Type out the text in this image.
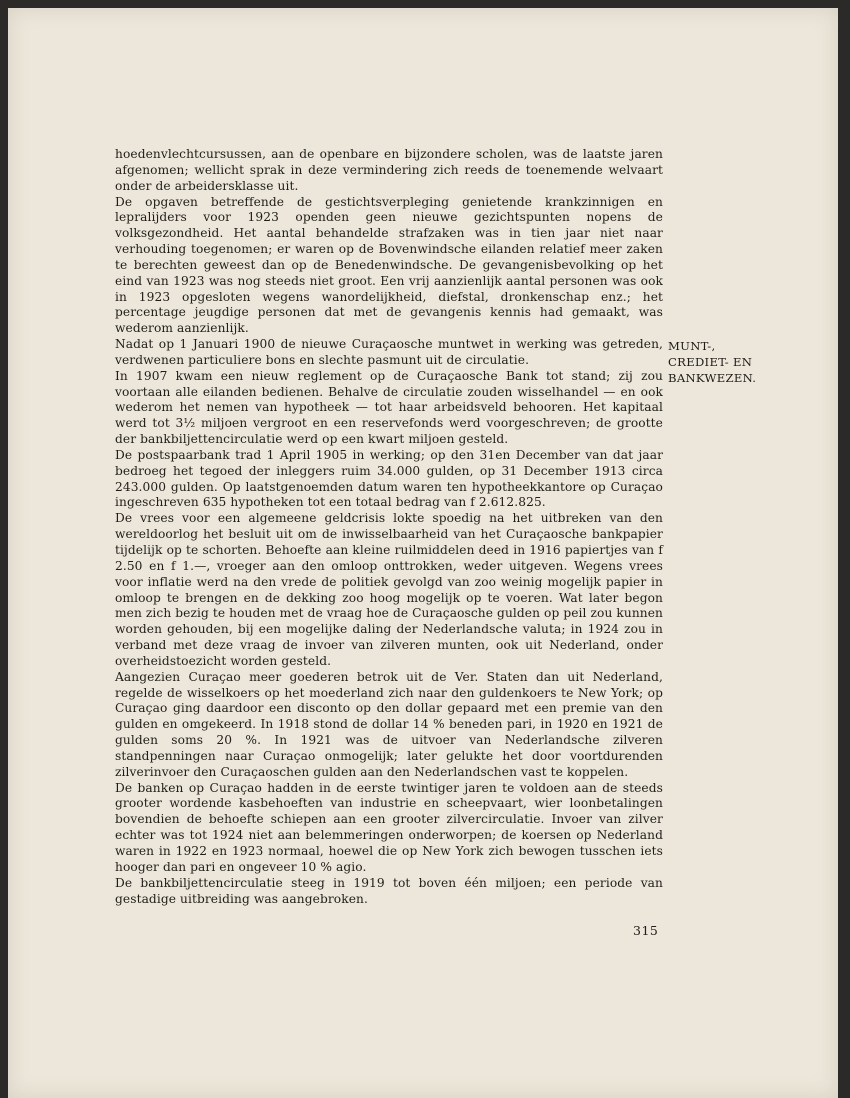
hoedenvlechtcursussen, aan de openbare en bijzondere scholen, was de laatste jaren afgenomen; wellicht sprak in deze vermindering zich reeds de toenemende welvaart onder de arbeidersklasse uit.

De opgaven betreffende de gestichtsverpleging genietende krankzinnigen en lepralijders voor 1923 openden geen nieuwe gezichtspunten nopens de volksgezondheid. Het aantal behandelde strafzaken was in tien jaar niet naar verhouding toegenomen; er waren op de Bovenwindsche eilanden relatief meer zaken te berechten geweest dan op de Benedenwindsche. De gevangenisbevolking op het eind van 1923 was nog steeds niet groot. Een vrij aanzienlijk aantal personen was ook in 1923 opgesloten wegens wanordelijkheid, diefstal, dronkenschap enz.; het percentage jeugdige personen dat met de gevangenis kennis had gemaakt, was wederom aanzienlijk.

Nadat op 1 Januari 1900 de nieuwe Curaçaosche muntwet in werking was getreden, verdwenen particuliere bons en slechte pasmunt uit de circulatie.

In 1907 kwam een nieuw reglement op de Curaçaosche Bank tot stand; zij zou voortaan alle eilanden bedienen. Behalve de circulatie zouden wisselhandel — en ook wederom het nemen van hypotheek — tot haar arbeidsveld behooren. Het kapitaal werd tot 3½ miljoen vergroot en een reservefonds werd voorgeschreven; de grootte der bankbiljettencirculatie werd op een kwart miljoen gesteld.

De postspaarbank trad 1 April 1905 in werking; op den 31en December van dat jaar bedroeg het tegoed der inleggers ruim 34.000 gulden, op 31 December 1913 circa 243.000 gulden. Op laatstgenoemden datum waren ten hypotheekkantore op Curaçao ingeschreven 635 hypotheken tot een totaal bedrag van f 2.612.825.

De vrees voor een algemeene geldcrisis lokte spoedig na het uitbreken van den wereldoorlog het besluit uit om de inwisselbaarheid van het Curaçaosche bankpapier tijdelijk op te schorten. Behoefte aan kleine ruilmiddelen deed in 1916 papiertjes van f 2.50 en f 1.—, vroeger aan den omloop onttrokken, weder uitgeven. Wegens vrees voor inflatie werd na den vrede de politiek gevolgd van zoo weinig mogelijk papier in omloop te brengen en de dekking zoo hoog mogelijk op te voeren. Wat later begon men zich bezig te houden met de vraag hoe de Curaçaosche gulden op peil zou kunnen worden gehouden, bij een mogelijke daling der Nederlandsche valuta; in 1924 zou in verband met deze vraag de invoer van zilveren munten, ook uit Nederland, onder overheidstoezicht worden gesteld.

Aangezien Curaçao meer goederen betrok uit de Ver. Staten dan uit Nederland, regelde de wisselkoers op het moederland zich naar den guldenkoers te New York; op Curaçao ging daardoor een disconto op den dollar gepaard met een premie van den gulden en omgekeerd. In 1918 stond de dollar 14 % beneden pari, in 1920 en 1921 de gulden soms 20 %. In 1921 was de uitvoer van Nederlandsche zilveren standpenningen naar Curaçao onmogelijk; later gelukte het door voortdurenden zilverinvoer den Curaçaoschen gulden aan den Nederlandschen vast te koppelen.

De banken op Curaçao hadden in de eerste twintiger jaren te voldoen aan de steeds grooter wordende kasbehoeften van industrie en scheepvaart, wier loonbetalingen bovendien de behoefte schiepen aan een grooter zilvercirculatie. Invoer van zilver echter was tot 1924 niet aan belemmeringen onderworpen; de koersen op Nederland waren in 1922 en 1923 normaal, hoewel die op New York zich bewogen tusschen iets hooger dan pari en ongeveer 10 % agio.

De bankbiljettencirculatie steeg in 1919 tot boven één miljoen; een periode van gestadige uitbreiding was aangebroken.

MUNT-,
CREDIET- EN
BANKWEZEN.
315
